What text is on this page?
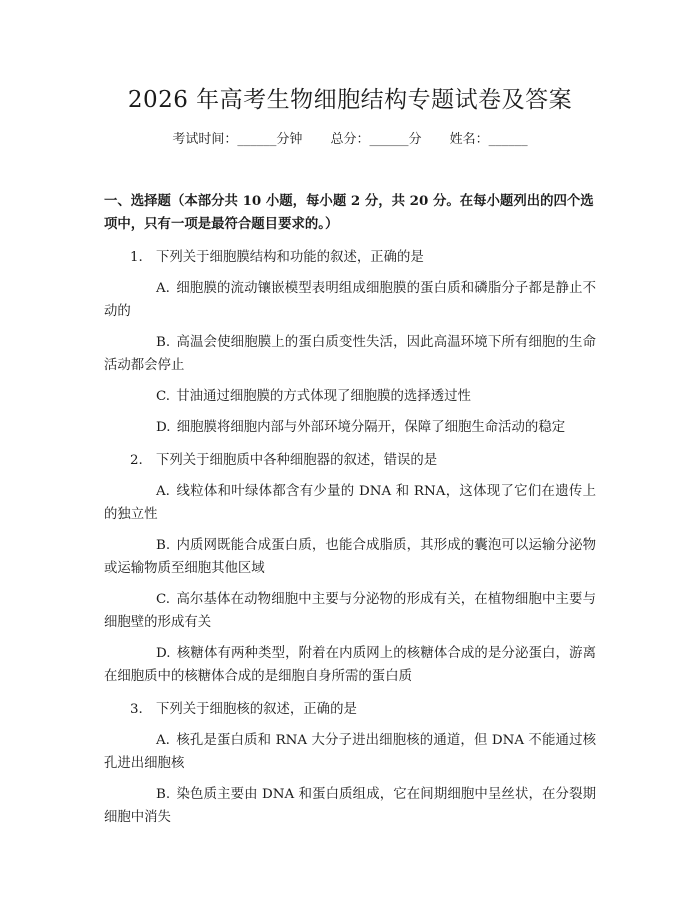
2026 年高考生物细胞结构专题试卷及答案
考试时间：______分钟 总分：______分 姓名：______
一、选择题（本部分共 10 小题，每小题 2 分，共 20 分。在每小题列出的四个选项中，只有一项是最符合题目要求的。）
1. 下列关于细胞膜结构和功能的叙述，正确的是
A. 细胞膜的流动镶嵌模型表明组成细胞膜的蛋白质和磷脂分子都是静止不动的
B. 高温会使细胞膜上的蛋白质变性失活，因此高温环境下所有细胞的生命活动都会停止
C. 甘油通过细胞膜的方式体现了细胞膜的选择透过性
D. 细胞膜将细胞内部与外部环境分隔开，保障了细胞生命活动的稳定
2. 下列关于细胞质中各种细胞器的叙述，错误的是
A. 线粒体和叶绿体都含有少量的 DNA 和 RNA，这体现了它们在遗传上的独立性
B. 内质网既能合成蛋白质，也能合成脂质，其形成的囊泡可以运输分泌物或运输物质至细胞其他区域
C. 高尔基体在动物细胞中主要与分泌物的形成有关，在植物细胞中主要与细胞壁的形成有关
D. 核糖体有两种类型，附着在内质网上的核糖体合成的是分泌蛋白，游离在细胞质中的核糖体合成的是细胞自身所需的蛋白质
3. 下列关于细胞核的叙述，正确的是
A. 核孔是蛋白质和 RNA 大分子进出细胞核的通道，但 DNA 不能通过核孔进出细胞核
B. 染色质主要由 DNA 和蛋白质组成，它在间期细胞中呈丝状，在分裂期细胞中消失
